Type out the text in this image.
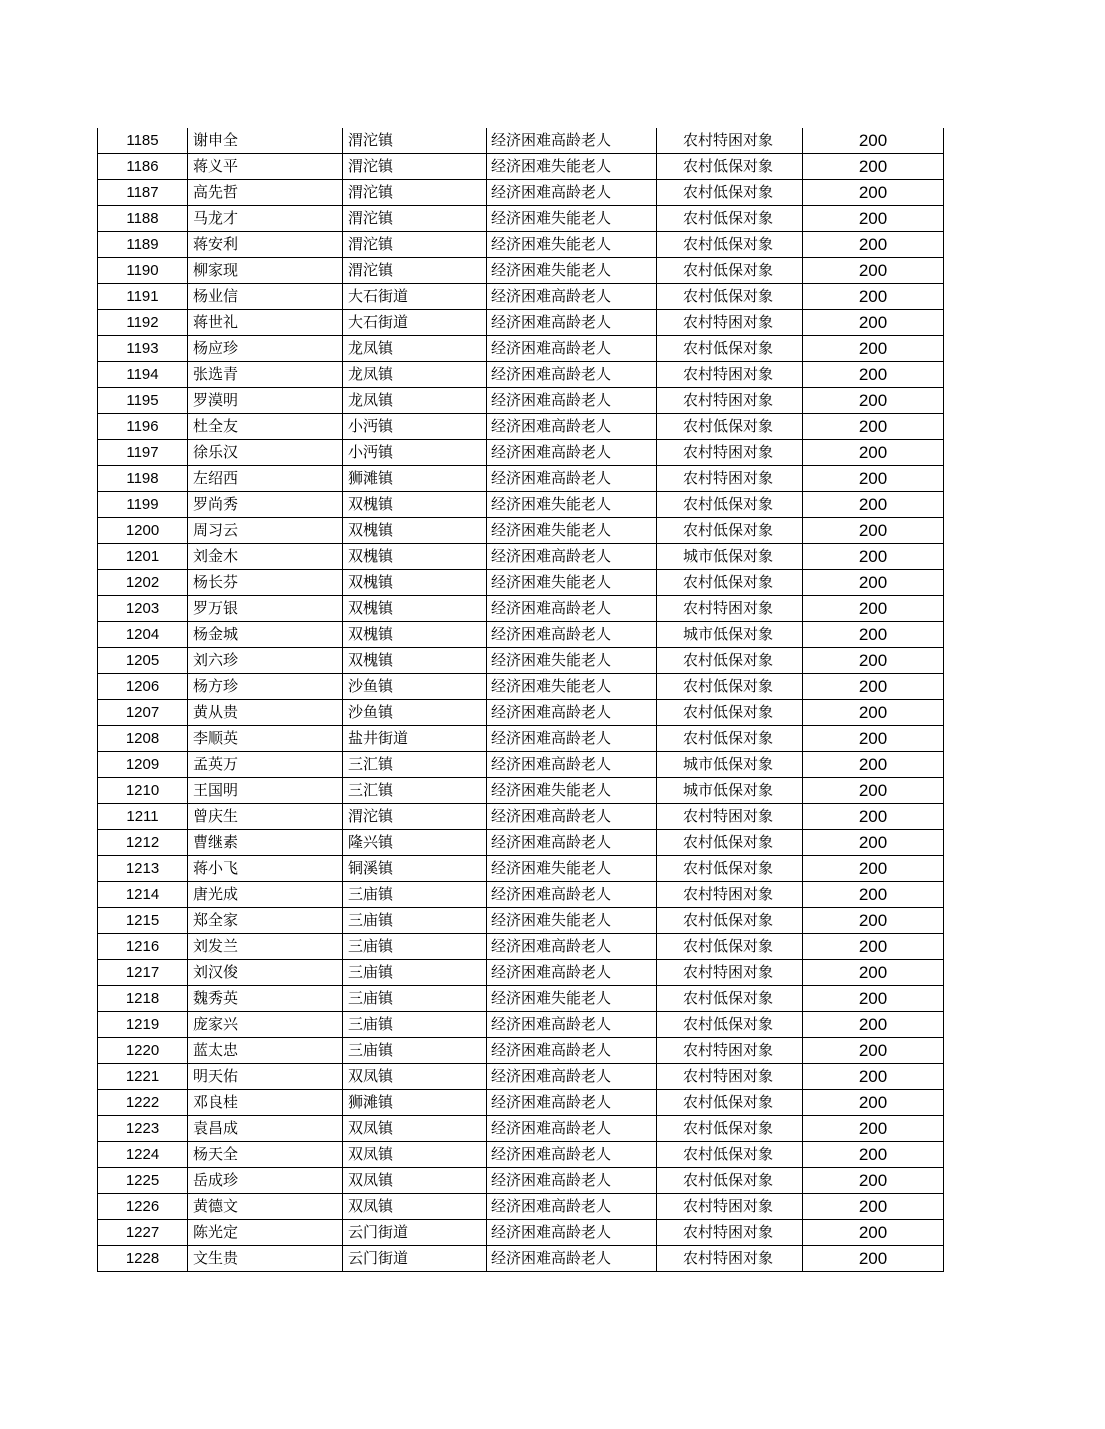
1185	谢申全	渭沱镇	经济困难高龄老人	农村特困对象	200
1186	蒋义平	渭沱镇	经济困难失能老人	农村低保对象	200
1187	高先哲	渭沱镇	经济困难高龄老人	农村低保对象	200
1188	马龙才	渭沱镇	经济困难失能老人	农村低保对象	200
1189	蒋安利	渭沱镇	经济困难失能老人	农村低保对象	200
1190	柳家现	渭沱镇	经济困难失能老人	农村低保对象	200
1191	杨业信	大石街道	经济困难高龄老人	农村低保对象	200
1192	蒋世礼	大石街道	经济困难高龄老人	农村特困对象	200
1193	杨应珍	龙凤镇	经济困难高龄老人	农村低保对象	200
1194	张选青	龙凤镇	经济困难高龄老人	农村特困对象	200
1195	罗漠明	龙凤镇	经济困难高龄老人	农村特困对象	200
1196	杜全友	小沔镇	经济困难高龄老人	农村低保对象	200
1197	徐乐汉	小沔镇	经济困难高龄老人	农村特困对象	200
1198	左绍西	狮滩镇	经济困难高龄老人	农村特困对象	200
1199	罗尚秀	双槐镇	经济困难失能老人	农村低保对象	200
1200	周习云	双槐镇	经济困难失能老人	农村低保对象	200
1201	刘金木	双槐镇	经济困难高龄老人	城市低保对象	200
1202	杨长芬	双槐镇	经济困难失能老人	农村低保对象	200
1203	罗万银	双槐镇	经济困难高龄老人	农村特困对象	200
1204	杨金城	双槐镇	经济困难高龄老人	城市低保对象	200
1205	刘六珍	双槐镇	经济困难失能老人	农村低保对象	200
1206	杨方珍	沙鱼镇	经济困难失能老人	农村低保对象	200
1207	黄从贵	沙鱼镇	经济困难高龄老人	农村低保对象	200
1208	李顺英	盐井街道	经济困难高龄老人	农村低保对象	200
1209	孟英万	三汇镇	经济困难高龄老人	城市低保对象	200
1210	王国明	三汇镇	经济困难失能老人	城市低保对象	200
1211	曾庆生	渭沱镇	经济困难高龄老人	农村特困对象	200
1212	曹继素	隆兴镇	经济困难高龄老人	农村低保对象	200
1213	蒋小飞	铜溪镇	经济困难失能老人	农村低保对象	200
1214	唐光成	三庙镇	经济困难高龄老人	农村特困对象	200
1215	郑全家	三庙镇	经济困难失能老人	农村低保对象	200
1216	刘发兰	三庙镇	经济困难高龄老人	农村低保对象	200
1217	刘汉俊	三庙镇	经济困难高龄老人	农村特困对象	200
1218	魏秀英	三庙镇	经济困难失能老人	农村低保对象	200
1219	庞家兴	三庙镇	经济困难高龄老人	农村低保对象	200
1220	蓝太忠	三庙镇	经济困难高龄老人	农村特困对象	200
1221	明天佑	双凤镇	经济困难高龄老人	农村特困对象	200
1222	邓良桂	狮滩镇	经济困难高龄老人	农村低保对象	200
1223	袁昌成	双凤镇	经济困难高龄老人	农村低保对象	200
1224	杨天全	双凤镇	经济困难高龄老人	农村低保对象	200
1225	岳成珍	双凤镇	经济困难高龄老人	农村低保对象	200
1226	黄德文	双凤镇	经济困难高龄老人	农村特困对象	200
1227	陈光定	云门街道	经济困难高龄老人	农村特困对象	200
1228	文生贵	云门街道	经济困难高龄老人	农村特困对象	200
